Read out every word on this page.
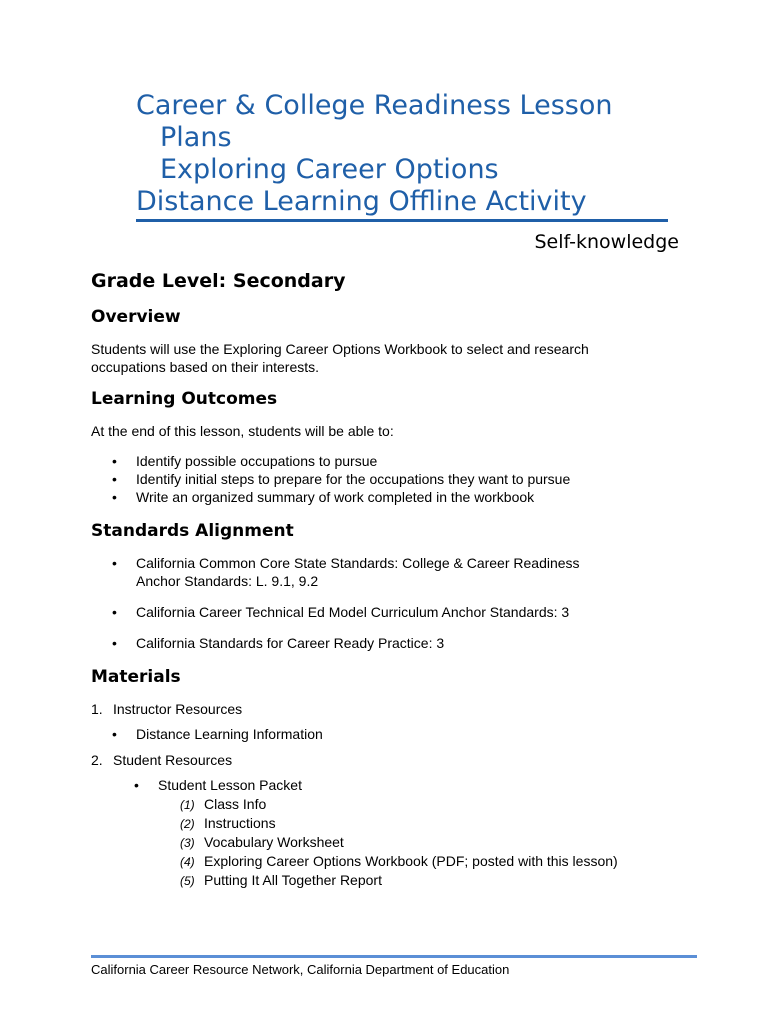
Career & College Readiness Lesson
Plans
Exploring Career Options
Distance Learning Offline Activity
Self-knowledge
Grade Level: Secondary
Overview
Students will use the Exploring Career Options Workbook to select and research occupations based on their interests.
Learning Outcomes
At the end of this lesson, students will be able to:
• Identify possible occupations to pursue
• Identify initial steps to prepare for the occupations they want to pursue
• Write an organized summary of work completed in the workbook
Standards Alignment
• California Common Core State Standards: College & Career Readiness Anchor Standards: L. 9.1, 9.2
• California Career Technical Ed Model Curriculum Anchor Standards: 3
• California Standards for Career Ready Practice: 3
Materials
1. Instructor Resources
• Distance Learning Information
2. Student Resources
• Student Lesson Packet
(1) Class Info
(2) Instructions
(3) Vocabulary Worksheet
(4) Exploring Career Options Workbook (PDF; posted with this lesson)
(5) Putting It All Together Report
California Career Resource Network, California Department of Education
